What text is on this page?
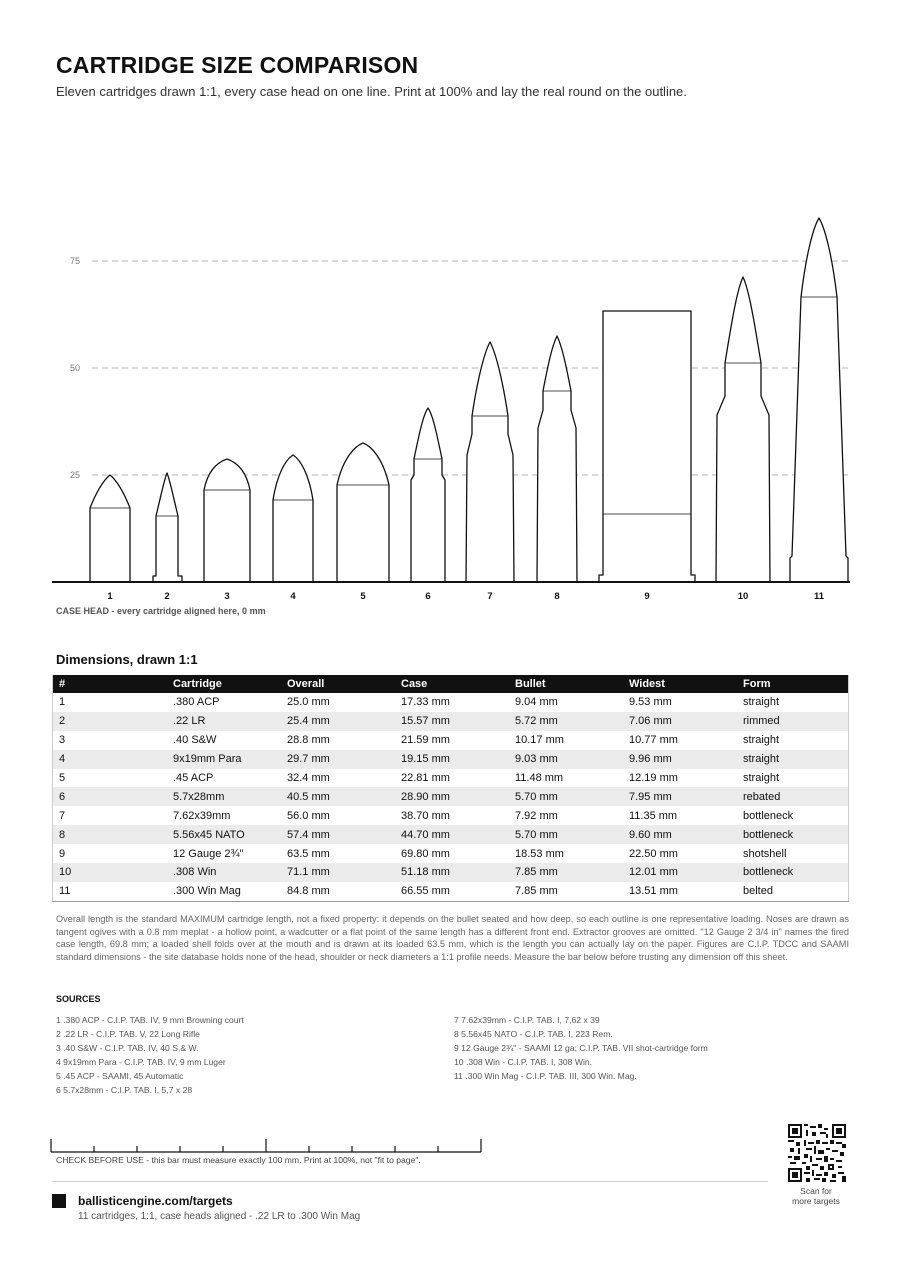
CARTRIDGE SIZE COMPARISON
Eleven cartridges drawn 1:1, every case head on one line. Print at 100% and lay the real round on the outline.
25
50
75
1	2	3	4	5	6	7	8	9	10	11
CASE HEAD - every cartridge aligned here, 0 mm
Dimensions, drawn 1:1
#	Cartridge	Overall	Case	Bullet	Widest	Form
1	.380 ACP	25.0 mm	17.33 mm	9.04 mm	9.53 mm	straight
2	.22 LR	25.4 mm	15.57 mm	5.72 mm	7.06 mm	rimmed
3	.40 S&W	28.8 mm	21.59 mm	10.17 mm	10.77 mm	straight
4	9x19mm Para	29.7 mm	19.15 mm	9.03 mm	9.96 mm	straight
5	.45 ACP	32.4 mm	22.81 mm	11.48 mm	12.19 mm	straight
6	5.7x28mm	40.5 mm	28.90 mm	5.70 mm	7.95 mm	rebated
7	7.62x39mm	56.0 mm	38.70 mm	7.92 mm	11.35 mm	bottleneck
8	5.56x45 NATO	57.4 mm	44.70 mm	5.70 mm	9.60 mm	bottleneck
9	12 Gauge 2¾"	63.5 mm	69.80 mm	18.53 mm	22.50 mm	shotshell
10	.308 Win	71.1 mm	51.18 mm	7.85 mm	12.01 mm	bottleneck
11	.300 Win Mag	84.8 mm	66.55 mm	7.85 mm	13.51 mm	belted
Overall length is the standard MAXIMUM cartridge length, not a fixed property: it depends on the bullet seated and how deep, so each outline is one representative loading. Noses are drawn as tangent ogives with a 0.8 mm meplat - a hollow point, a wadcutter or a flat point of the same length has a different front end. Extractor grooves are omitted. "12 Gauge 2 3/4 in" names the fired case length, 69.8 mm; a loaded shell folds over at the mouth and is drawn at its loaded 63.5 mm, which is the length you can actually lay on the paper. Figures are C.I.P. TDCC and SAAMI standard dimensions - the site database holds none of the head, shoulder or neck diameters a 1:1 profile needs. Measure the bar below before trusting any dimension off this sheet.
SOURCES
1 .380 ACP - C.I.P. TAB. IV, 9 mm Browning court
2 .22 LR - C.I.P. TAB. V, 22 Long Rifle
3 .40 S&W - C.I.P. TAB. IV, 40 S.& W.
4 9x19mm Para - C.I.P. TAB. IV, 9 mm Luger
5 .45 ACP - SAAMI, 45 Automatic
6 5.7x28mm - C.I.P. TAB. I, 5,7 x 28
7 7.62x39mm - C.I.P. TAB. I, 7,62 x 39
8 5.56x45 NATO - C.I.P. TAB. I, 223 Rem.
9 12 Gauge 2¾" - SAAMI 12 ga; C.I.P. TAB. VII shot-cartridge form
10 .308 Win - C.I.P. TAB. I, 308 Win.
11 .300 Win Mag - C.I.P. TAB. III, 300 Win. Mag.
CHECK BEFORE USE - this bar must measure exactly 100 mm. Print at 100%, not "fit to page".
Scan for
more targets
ballisticengine.com/targets
11 cartridges, 1:1, case heads aligned - .22 LR to .300 Win Mag
